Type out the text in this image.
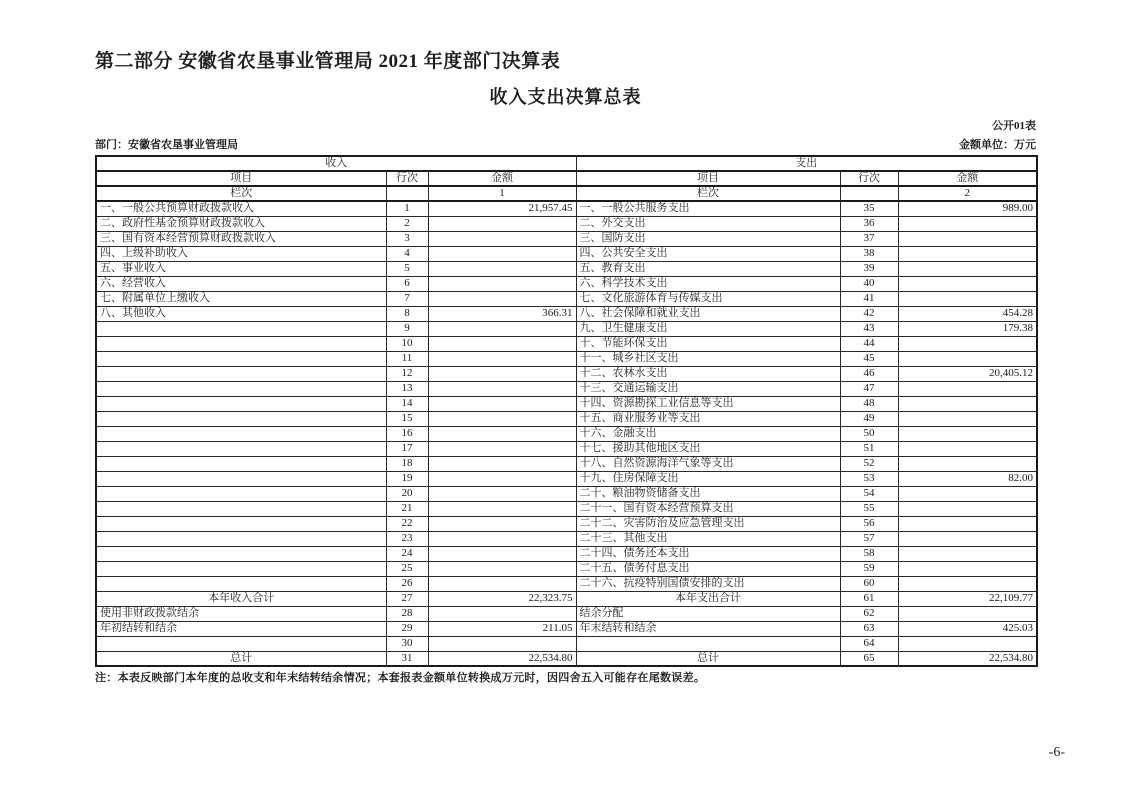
第二部分 安徽省农垦事业管理局 2021 年度部门决算表
收入支出决算总表
公开01表
部门：安徽省农垦事业管理局	金额单位：万元
收入			支出		
项目	行次	金额	项目	行次	金额
栏次		1	栏次		2
一、一般公共预算财政拨款收入	1	21,957.45	一、一般公共服务支出	35	989.00
二、政府性基金预算财政拨款收入	2		二、外交支出	36	
三、国有资本经营预算财政拨款收入	3		三、国防支出	37	
四、上级补助收入	4		四、公共安全支出	38	
五、事业收入	5		五、教育支出	39	
六、经营收入	6		六、科学技术支出	40	
七、附属单位上缴收入	7		七、文化旅游体育与传媒支出	41	
八、其他收入	8	366.31	八、社会保障和就业支出	42	454.28
	9		九、卫生健康支出	43	179.38
	10		十、节能环保支出	44	
	11		十一、城乡社区支出	45	
	12		十二、农林水支出	46	20,405.12
	13		十三、交通运输支出	47	
	14		十四、资源勘探工业信息等支出	48	
	15		十五、商业服务业等支出	49	
	16		十六、金融支出	50	
	17		十七、援助其他地区支出	51	
	18		十八、自然资源海洋气象等支出	52	
	19		十九、住房保障支出	53	82.00
	20		二十、粮油物资储备支出	54	
	21		二十一、国有资本经营预算支出	55	
	22		二十二、灾害防治及应急管理支出	56	
	23		二十三、其他支出	57	
	24		二十四、债务还本支出	58	
	25		二十五、债务付息支出	59	
	26		二十六、抗疫特别国债安排的支出	60	
本年收入合计	27	22,323.75	本年支出合计	61	22,109.77
使用非财政拨款结余	28		结余分配	62	
年初结转和结余	29	211.05	年末结转和结余	63	425.03
	30			64	
总计	31	22,534.80	总计	65	22,534.80
注：本表反映部门本年度的总收支和年末结转结余情况；本套报表金额单位转换成万元时，因四舍五入可能存在尾数误差。
-6-
